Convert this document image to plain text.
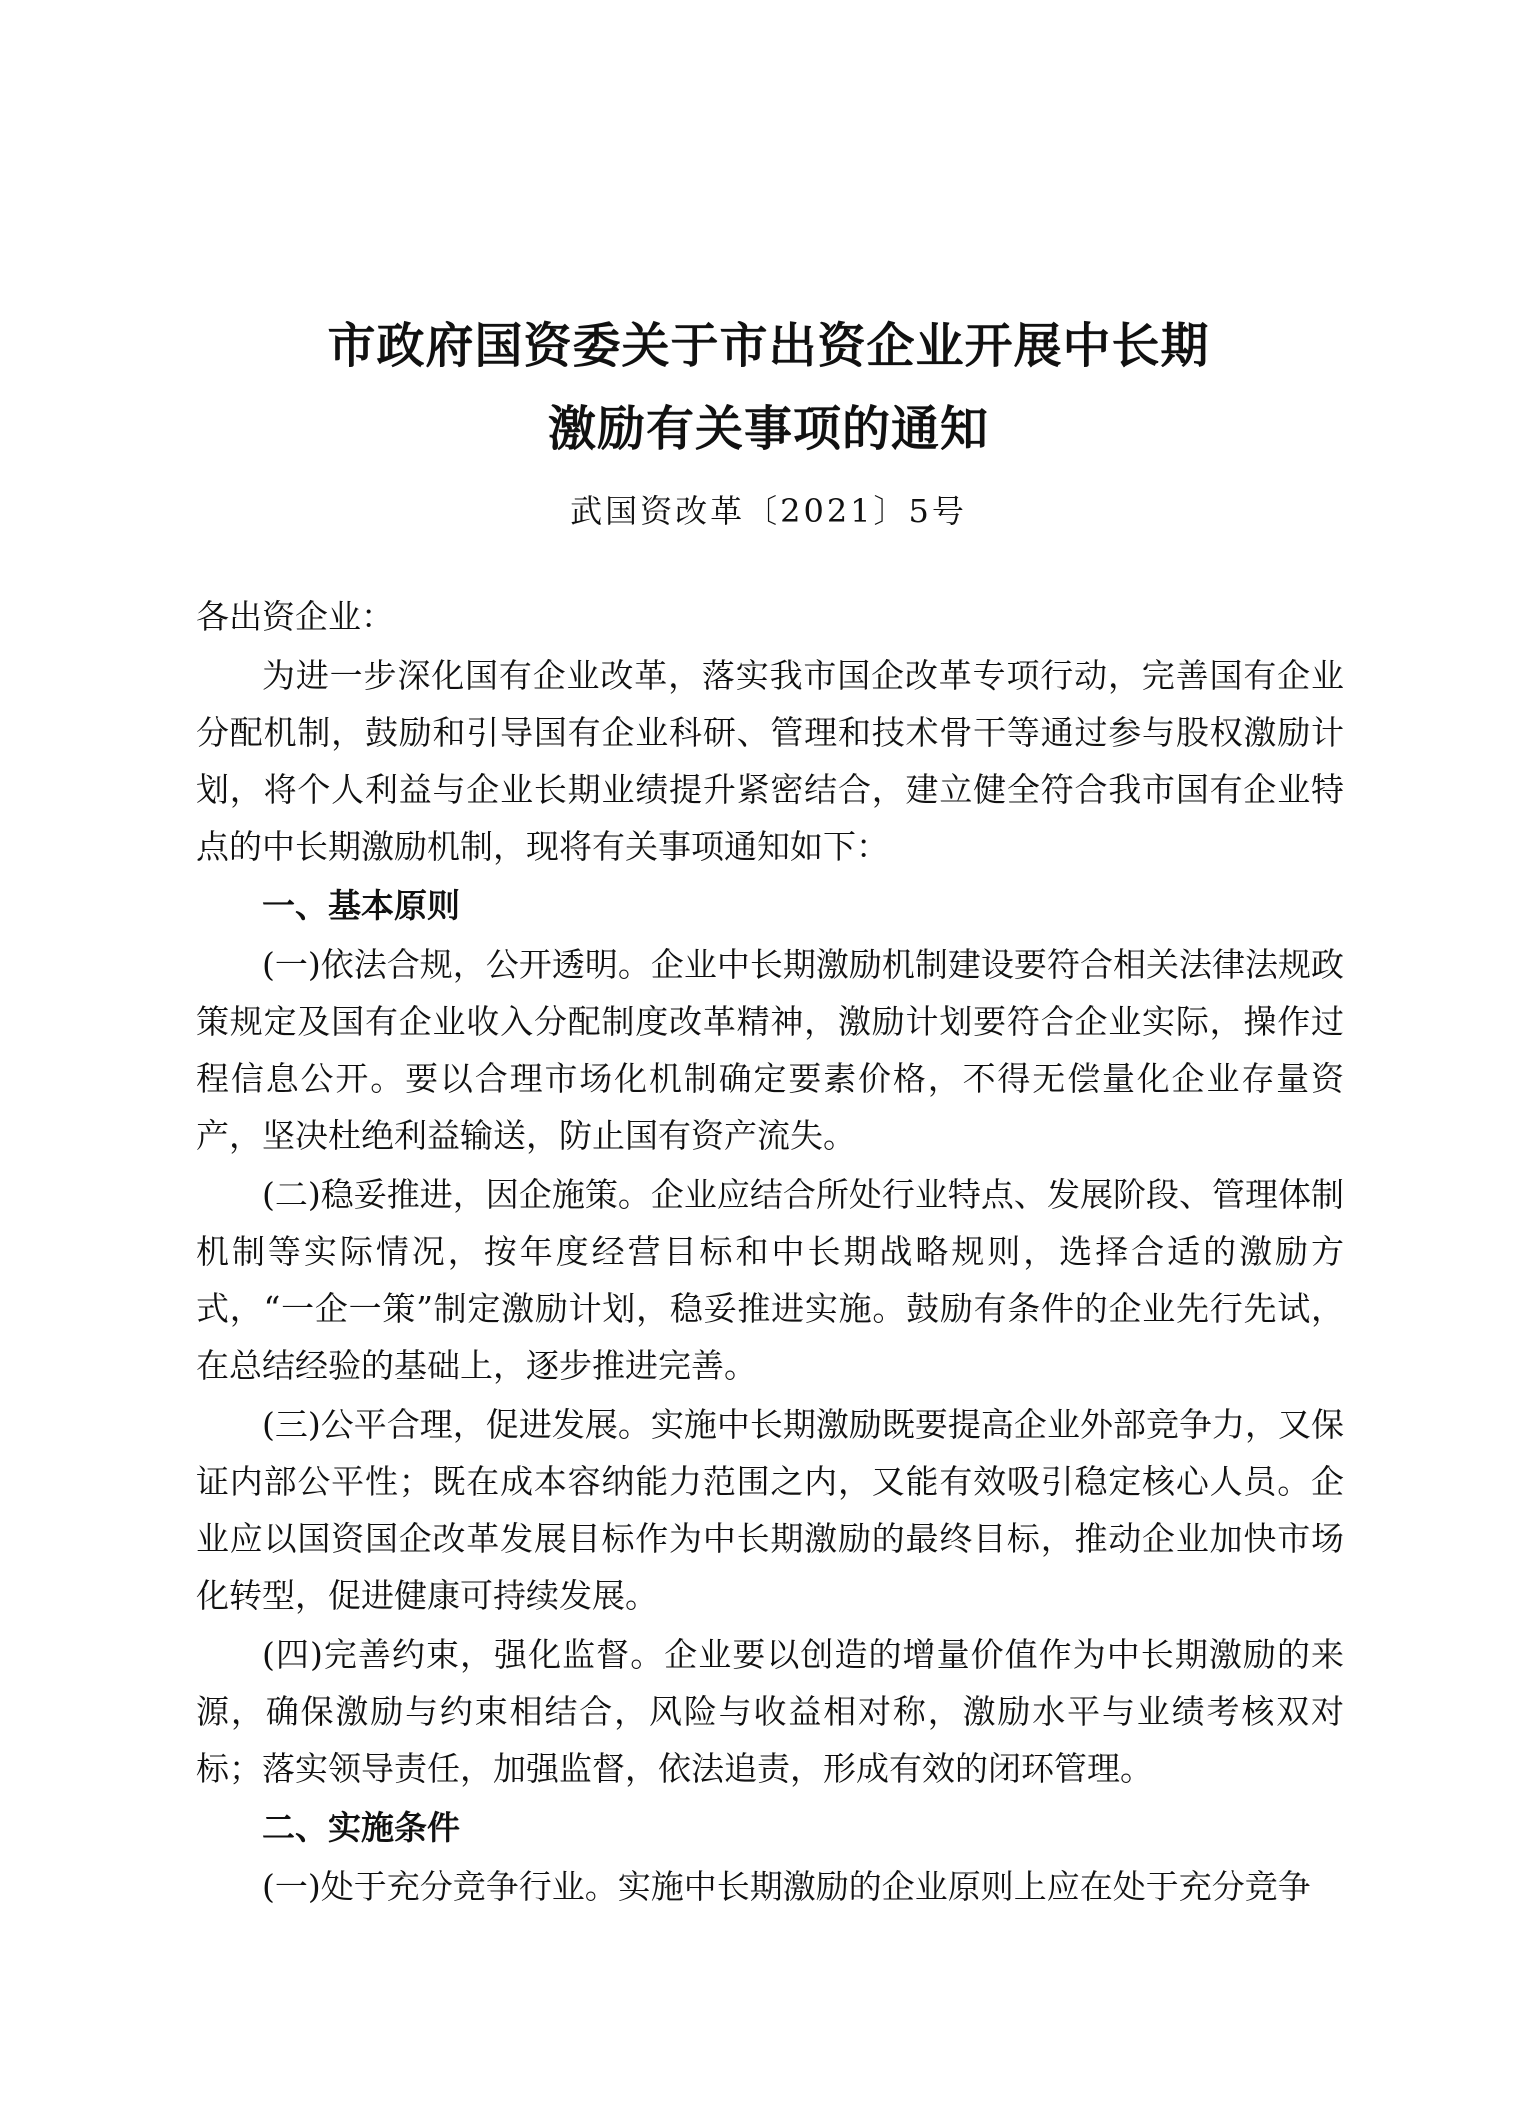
市政府国资委关于市出资企业开展中长期
激励有关事项的通知
武国资改革〔2021〕5号

各出资企业：

为进一步深化国有企业改革，落实我市国企改革专项行动，完善国有企业分配机制，鼓励和引导国有企业科研、管理和技术骨干等通过参与股权激励计划，将个人利益与企业长期业绩提升紧密结合，建立健全符合我市国有企业特点的中长期激励机制，现将有关事项通知如下：

一、基本原则

(一)依法合规，公开透明。企业中长期激励机制建设要符合相关法律法规政策规定及国有企业收入分配制度改革精神，激励计划要符合企业实际，操作过程信息公开。要以合理市场化机制确定要素价格，不得无偿量化企业存量资产，坚决杜绝利益输送，防止国有资产流失。

(二)稳妥推进，因企施策。企业应结合所处行业特点、发展阶段、管理体制机制等实际情况，按年度经营目标和中长期战略规则，选择合适的激励方式，“一企一策”制定激励计划，稳妥推进实施。鼓励有条件的企业先行先试，在总结经验的基础上，逐步推进完善。

(三)公平合理，促进发展。实施中长期激励既要提高企业外部竞争力，又保证内部公平性；既在成本容纳能力范围之内，又能有效吸引稳定核心人员。企业应以国资国企改革发展目标作为中长期激励的最终目标，推动企业加快市场化转型，促进健康可持续发展。

(四)完善约束，强化监督。企业要以创造的增量价值作为中长期激励的来源，确保激励与约束相结合，风险与收益相对称，激励水平与业绩考核双对标；落实领导责任，加强监督，依法追责，形成有效的闭环管理。

二、实施条件

(一)处于充分竞争行业。实施中长期激励的企业原则上应在处于充分竞争
